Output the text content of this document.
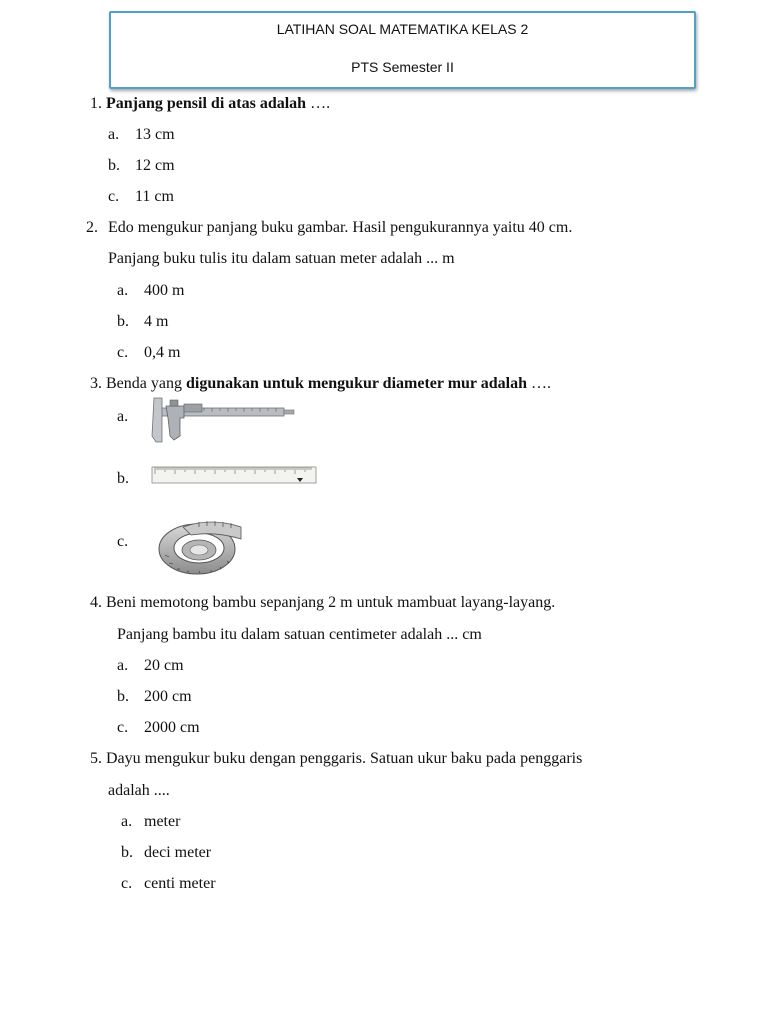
LATIHAN SOAL MATEMATIKA KELAS 2
PTS Semester II
1. Panjang pensil di atas adalah ….
a. 13 cm
b. 12 cm
c. 11 cm
2. Edo mengukur panjang buku gambar. Hasil pengukurannya yaitu 40 cm.
Panjang buku tulis itu dalam satuan meter adalah ... m
a. 400 m
b. 4 m
c. 0,4 m
3. Benda yang digunakan untuk mengukur diameter mur adalah ….
a.
b.
c.
4. Beni memotong bambu sepanjang 2 m untuk mambuat layang-layang.
Panjang bambu itu dalam satuan centimeter adalah ... cm
a. 20 cm
b. 200 cm
c. 2000 cm
5. Dayu mengukur buku dengan penggaris. Satuan ukur baku pada penggaris
adalah ....
a. meter
b. deci meter
c. centi meter
